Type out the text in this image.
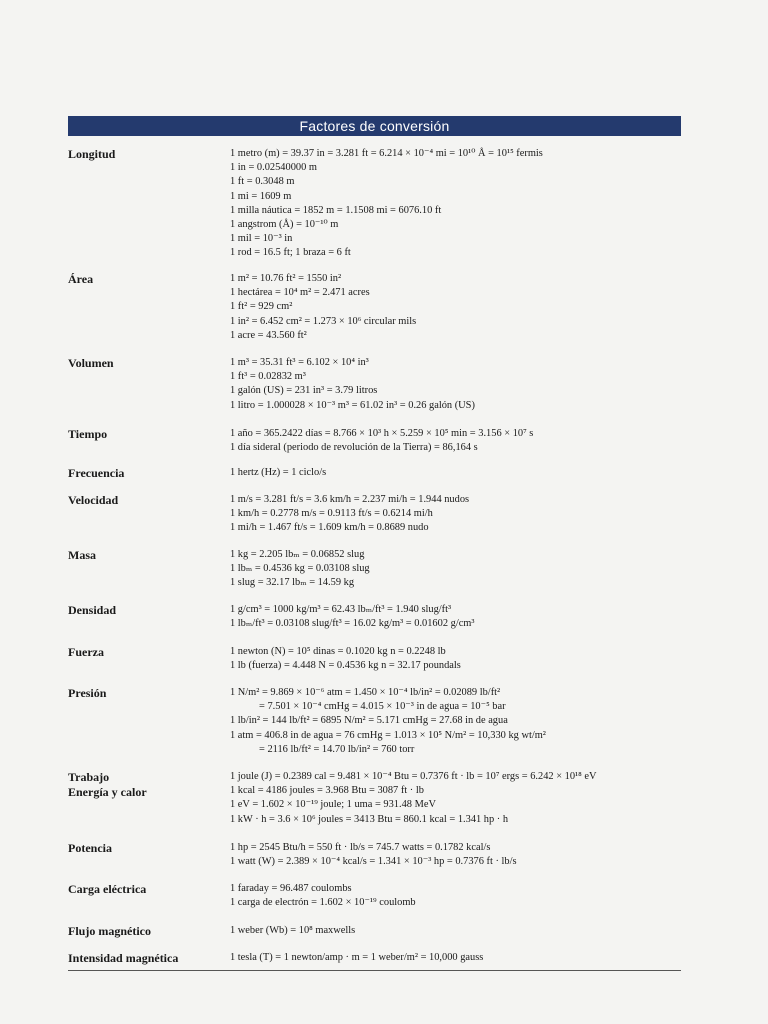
Factores de conversión
Longitud	1 metro (m) = 39.37 in = 3.281 ft = 6.214 × 10⁻⁴ mi = 10¹⁰ Å = 10¹⁵ fermis
1 in = 0.02540000 m
1 ft = 0.3048 m
1 mi = 1609 m
1 milla náutica = 1852 m = 1.1508 mi = 6076.10 ft
1 angstrom (Å) = 10⁻¹⁰ m
1 mil = 10⁻³ in
1 rod = 16.5 ft; 1 braza = 6 ft
Área	1 m² = 10.76 ft² = 1550 in²
1 hectárea = 10⁴ m² = 2.471 acres
1 ft² = 929 cm²
1 in² = 6.452 cm² = 1.273 × 10⁶ circular mils
1 acre = 43.560 ft²
Volumen	1 m³ = 35.31 ft³ = 6.102 × 10⁴ in³
1 ft³ = 0.02832 m³
1 galón (US) = 231 in³ = 3.79 litros
1 litro = 1.000028 × 10⁻³ m³ = 61.02 in³ = 0.26 galón (US)
Tiempo	1 año = 365.2422 días = 8.766 × 10³ h × 5.259 × 10⁵ min = 3.156 × 10⁷ s
1 día sideral (periodo de revolución de la Tierra) = 86,164 s
Frecuencia	1 hertz (Hz) = 1 ciclo/s
Velocidad	1 m/s = 3.281 ft/s = 3.6 km/h = 2.237 mi/h = 1.944 nudos
1 km/h = 0.2778 m/s = 0.9113 ft/s = 0.6214 mi/h
1 mi/h = 1.467 ft/s = 1.609 km/h = 0.8689 nudo
Masa	1 kg = 2.205 lbₘ = 0.06852 slug
1 lbₘ = 0.4536 kg = 0.03108 slug
1 slug = 32.17 lbₘ = 14.59 kg
Densidad	1 g/cm³ = 1000 kg/m³ = 62.43 lbₘ/ft³ = 1.940 slug/ft³
1 lbₘ/ft³ = 0.03108 slug/ft³ = 16.02 kg/m³ = 0.01602 g/cm³
Fuerza	1 newton (N) = 10⁵ dinas = 0.1020 kg n = 0.2248 lb
1 lb (fuerza) = 4.448 N = 0.4536 kg n = 32.17 poundals
Presión	1 N/m² = 9.869 × 10⁻⁶ atm = 1.450 × 10⁻⁴ lb/in² = 0.02089 lb/ft²
= 7.501 × 10⁻⁴ cmHg = 4.015 × 10⁻³ in de agua = 10⁻⁵ bar
1 lb/in² = 144 lb/ft² = 6895 N/m² = 5.171 cmHg = 27.68 in de agua
1 atm = 406.8 in de agua = 76 cmHg = 1.013 × 10⁵ N/m² = 10,330 kg wt/m²
= 2116 lb/ft² = 14.70 lb/in² = 760 torr
Trabajo
Energía y calor
1 joule (J) = 0.2389 cal = 9.481 × 10⁻⁴ Btu = 0.7376 ft · lb = 10⁷ ergs = 6.242 × 10¹⁸ eV
1 kcal = 4186 joules = 3.968 Btu = 3087 ft · lb
1 eV = 1.602 × 10⁻¹⁹ joule; 1 uma = 931.48 MeV
1 kW · h = 3.6 × 10⁶ joules = 3413 Btu = 860.1 kcal = 1.341 hp · h
Potencia	1 hp = 2545 Btu/h = 550 ft · lb/s = 745.7 watts = 0.1782 kcal/s
1 watt (W) = 2.389 × 10⁻⁴ kcal/s = 1.341 × 10⁻³ hp = 0.7376 ft · lb/s
Carga eléctrica	1 faraday = 96.487 coulombs
1 carga de electrón = 1.602 × 10⁻¹⁹ coulomb
Flujo magnético	1 weber (Wb) = 10⁸ maxwells
Intensidad magnética	1 tesla (T) = 1 newton/amp · m = 1 weber/m² = 10,000 gauss
